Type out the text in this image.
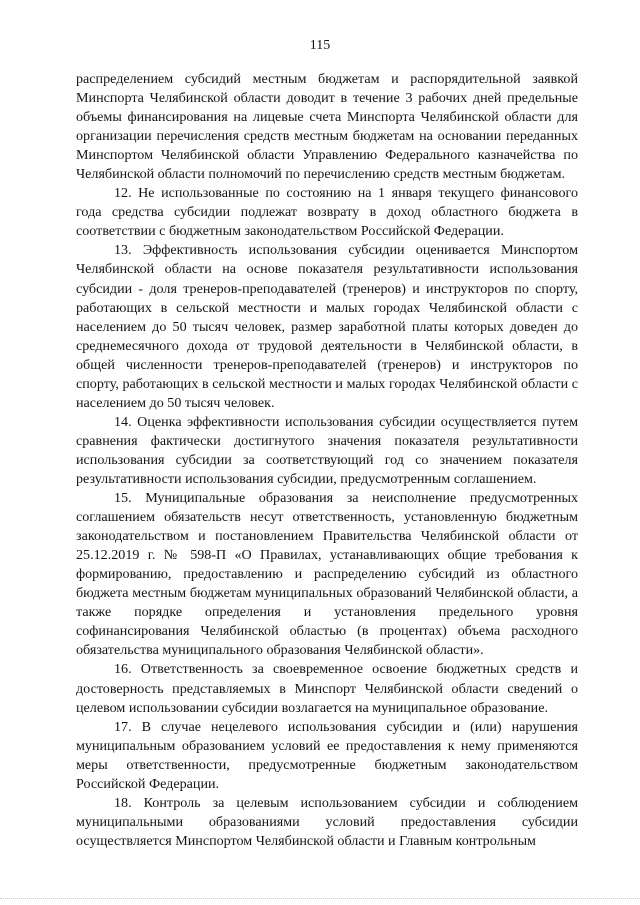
115

распределением субсидий местным бюджетам и распорядительной заявкой Минспорта Челябинской области доводит в течение 3 рабочих дней предельные объемы финансирования на лицевые счета Минспорта Челябинской области для организации перечисления средств местным бюджетам на основании переданных Минспортом Челябинской области Управлению Федерального казначейства по Челябинской области полномочий по перечислению средств местным бюджетам.

12. Не использованные по состоянию на 1 января текущего финансового года средства субсидии подлежат возврату в доход областного бюджета в соответствии с бюджетным законодательством Российской Федерации.

13. Эффективность использования субсидии оценивается Минспортом Челябинской области на основе показателя результативности использования субсидии - доля тренеров-преподавателей (тренеров) и инструкторов по спорту, работающих в сельской местности и малых городах Челябинской области с населением до 50 тысяч человек, размер заработной платы которых доведен до среднемесячного дохода от трудовой деятельности в Челябинской области, в общей численности тренеров-преподавателей (тренеров) и инструкторов по спорту, работающих в сельской местности и малых городах Челябинской области с населением до 50 тысяч человек.

14. Оценка эффективности использования субсидии осуществляется путем сравнения фактически достигнутого значения показателя результативности использования субсидии за соответствующий год со значением показателя результативности использования субсидии, предусмотренным соглашением.

15. Муниципальные образования за неисполнение предусмотренных соглашением обязательств несут ответственность, установленную бюджетным законодательством и постановлением Правительства Челябинской области от 25.12.2019 г. № 598-П «О Правилах, устанавливающих общие требования к формированию, предоставлению и распределению субсидий из областного бюджета местным бюджетам муниципальных образований Челябинской области, а также порядке определения и установления предельного уровня софинансирования Челябинской областью (в процентах) объема расходного обязательства муниципального образования Челябинской области».

16. Ответственность за своевременное освоение бюджетных средств и достоверность представляемых в Минспорт Челябинской области сведений о целевом использовании субсидии возлагается на муниципальное образование.

17. В случае нецелевого использования субсидии и (или) нарушения муниципальным образованием условий ее предоставления к нему применяются меры ответственности, предусмотренные бюджетным законодательством Российской Федерации.

18. Контроль за целевым использованием субсидии и соблюдением муниципальными образованиями условий предоставления субсидии осуществляется Минспортом Челябинской области и Главным контрольным
